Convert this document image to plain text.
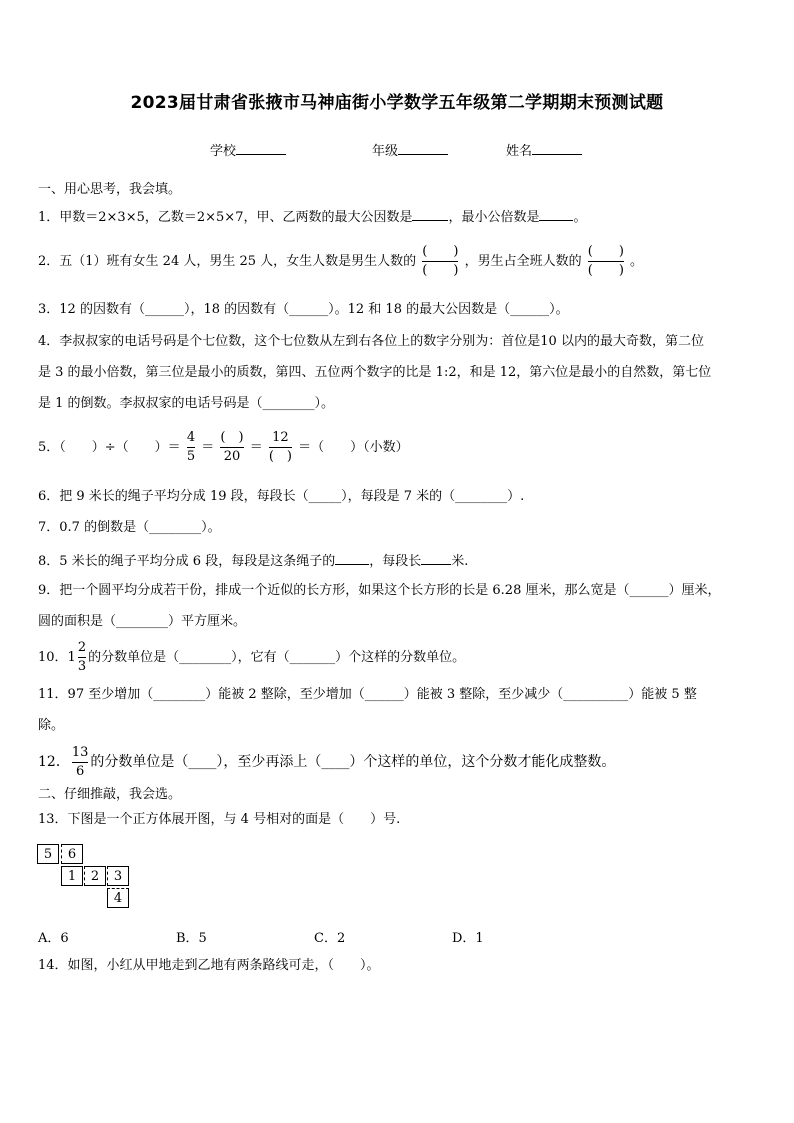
2023届甘肃省张掖市马神庙街小学数学五年级第二学期期末预测试题
学校	年级	姓名
一、用心思考，我会填。
1．甲数＝2×3×5，乙数＝2×5×7，甲、乙两数的最大公因数是	，最小公倍数是	。
2．五（1）班有女生 24 人，男生 25 人，女生人数是男生人数的 $\frac{( )}{( )}$ ，男生占全班人数的 $\frac{( )}{( )}$ 。
3．12 的因数有（______），18 的因数有（______）。12 和 18 的最大公因数是（______）。
4．李叔叔家的电话号码是个七位数，这个七位数从左到右各位上的数字分别为：首位是10 以内的最大奇数，第二位
是 3 的最小倍数，第三位是最小的质数，第四、五位两个数字的比是 1:2，和是 12，第六位是最小的自然数，第七位
是 1 的倒数。李叔叔家的电话号码是（________）。
5．（　　）÷（　　）＝ $\frac{4}{5} = \frac{( )}{20} = \frac{12}{( )}$ ＝（　　）（小数）
6．把 9 米长的绳子平均分成 19 段，每段长（_____），每段是 7 米的（________）.
7．0.7 的倒数是（________）。
8．5 米长的绳子平均分成 6 段，每段是这条绳子的	，每段长 米.
9．把一个圆平均分成若干份，排成一个近似的长方形，如果这个长方形的长是 6.28 厘米，那么宽是（______）厘米，
圆的面积是（________）平方厘米。
10．$1 \frac{2}{3}$ 的分数单位是（________），它有（_______）个这样的分数单位。
11．97 至少增加（________）能被 2 整除，至少增加（______）能被 3 整除，至少减少（__________）能被 5 整
除。
12． $\frac{13}{6}$ 的分数单位是（____），至少再添上（____）个这样的单位，这个分数才能化成整数。
二、仔细推敲，我会选。
13．下图是一个正方体展开图，与 4 号相对的面是（　　）号.
5	6
1	2	3
4
A．6	B．5	C．2	D．1
14．如图，小红从甲地走到乙地有两条路线可走，（　　）。
